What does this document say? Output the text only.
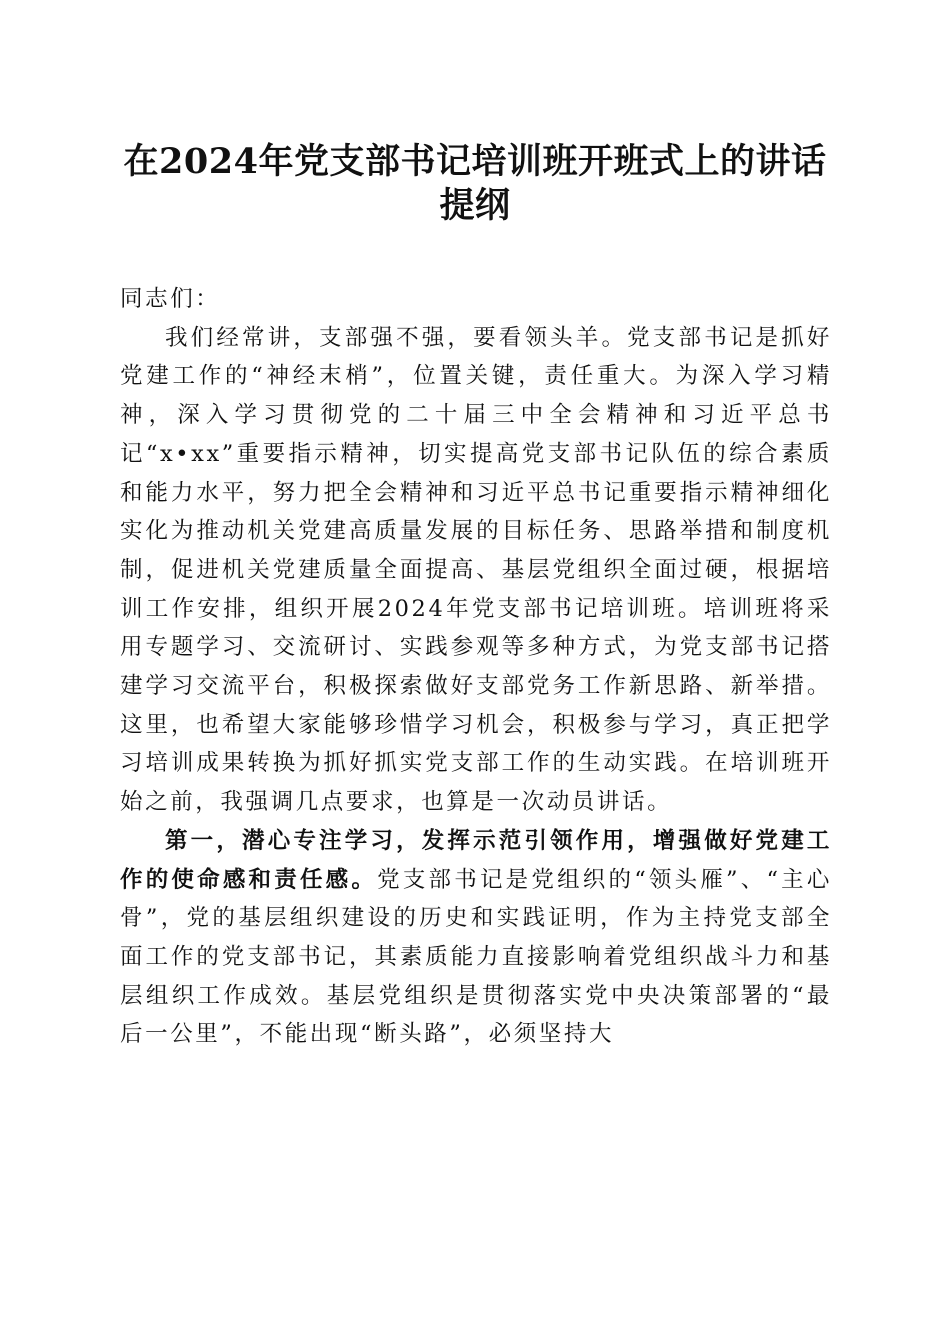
在2024年党支部书记培训班开班式上的讲话
提纲

同志们：

我们经常讲，支部强不强，要看领头羊。党支部书记是抓好党建工作的“神经末梢”，位置关键，责任重大。为深入学习精神，深入学习贯彻党的二十届三中全会精神和习近平总书记“x•xx”重要指示精神，切实提高党支部书记队伍的综合素质和能力水平，努力把全会精神和习近平总书记重要指示精神细化实化为推动机关党建高质量发展的目标任务、思路举措和制度机制，促进机关党建质量全面提高、基层党组织全面过硬，根据培训工作安排，组织开展2024年党支部书记培训班。培训班将采用专题学习、交流研讨、实践参观等多种方式，为党支部书记搭建学习交流平台，积极探索做好支部党务工作新思路、新举措。这里，也希望大家能够珍惜学习机会，积极参与学习，真正把学习培训成果转换为抓好抓实党支部工作的生动实践。在培训班开始之前，我强调几点要求，也算是一次动员讲话。

第一，潜心专注学习，发挥示范引领作用，增强做好党建工作的使命感和责任感。党支部书记是党组织的“领头雁”、“主心骨”，党的基层组织建设的历史和实践证明，作为主持党支部全面工作的党支部书记，其素质能力直接影响着党组织战斗力和基层组织工作成效。基层党组织是贯彻落实党中央决策部署的“最后一公里”，不能出现“断头路”，必须坚持大
